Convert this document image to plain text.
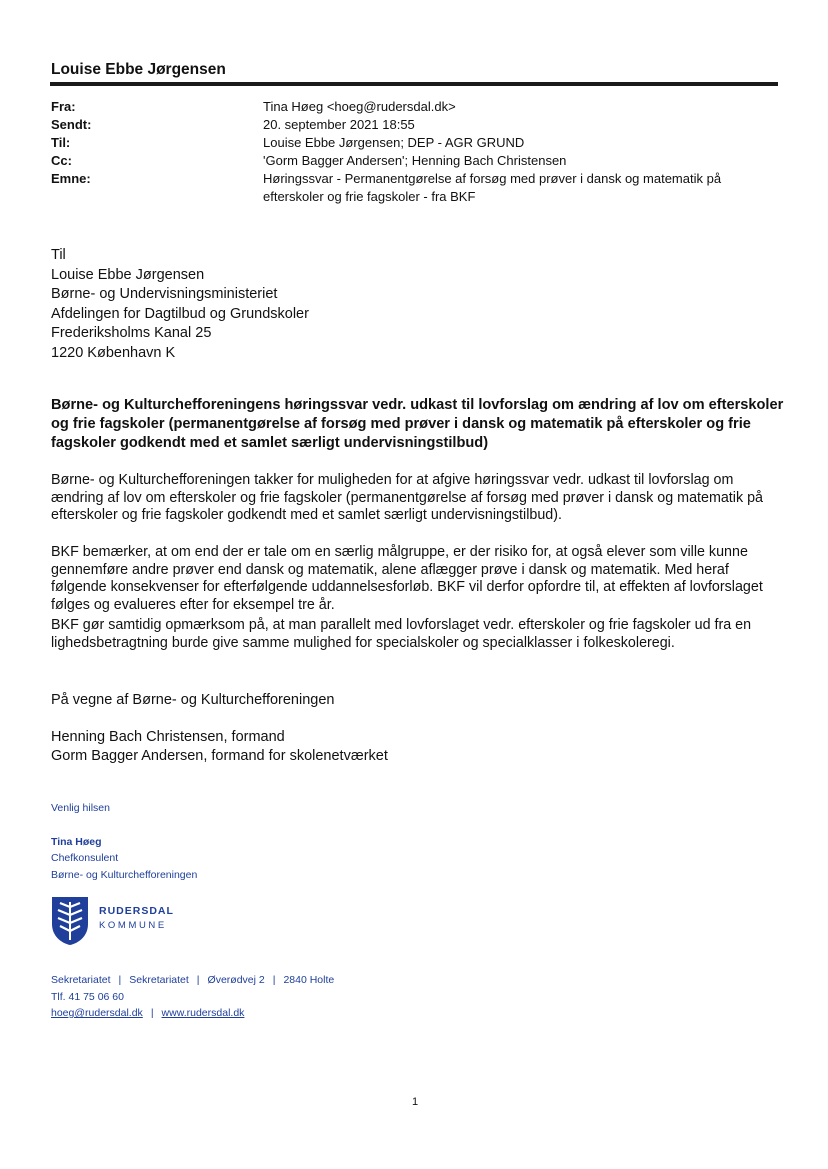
Louise Ebbe Jørgensen
Fra:	Tina Høeg <hoeg@rudersdal.dk>
Sendt:	20. september 2021 18:55
Til:	Louise Ebbe Jørgensen; DEP - AGR GRUND
Cc:	'Gorm Bagger Andersen'; Henning Bach Christensen
Emne:	Høringssvar - Permanentgørelse af forsøg med prøver i dansk og matematik på efterskoler og frie fagskoler - fra BKF
Til
Louise Ebbe Jørgensen
Børne- og Undervisningsministeriet
Afdelingen for Dagtilbud og Grundskoler
Frederiksholms Kanal 25
1220 København K
Børne- og Kulturchefforeningens høringssvar vedr. udkast til lovforslag om ændring af lov om efterskoler og frie fagskoler (permanentgørelse af forsøg med prøver i dansk og matematik på efterskoler og frie fagskoler godkendt med et samlet særligt undervisningstilbud)

Børne- og Kulturchefforeningen takker for muligheden for at afgive høringssvar vedr. udkast til lovforslag om ændring af lov om efterskoler og frie fagskoler (permanentgørelse af forsøg med prøver i dansk og matematik på efterskoler og frie fagskoler godkendt med et samlet særligt undervisningstilbud).

BKF bemærker, at om end der er tale om en særlig målgruppe, er der risiko for, at også elever som ville kunne gennemføre andre prøver end dansk og matematik, alene aflægger prøve i dansk og matematik. Med heraf følgende konsekvenser for efterfølgende uddannelsesforløb. BKF vil derfor opfordre til, at effekten af lovforslaget følges og evalueres efter for eksempel tre år.

BKF gør samtidig opmærksom på, at man parallelt med lovforslaget vedr. efterskoler og frie fagskoler ud fra en lighedsbetragtning burde give samme mulighed for specialskoler og specialklasser i folkeskoleregi.

På vegne af Børne- og Kulturchefforeningen
Henning Bach Christensen, formand
Gorm Bagger Andersen, formand for skolenetværket
Venlig hilsen
Tina Høeg
Chefkonsulent
Børne- og Kulturchefforeningen
RUDERSDAL
KOMMUNE
Sekretariatet | Sekretariatet | Øverødvej 2 | 2840 Holte
Tlf. 41 75 06 60
hoeg@rudersdal.dk | www.rudersdal.dk
1
